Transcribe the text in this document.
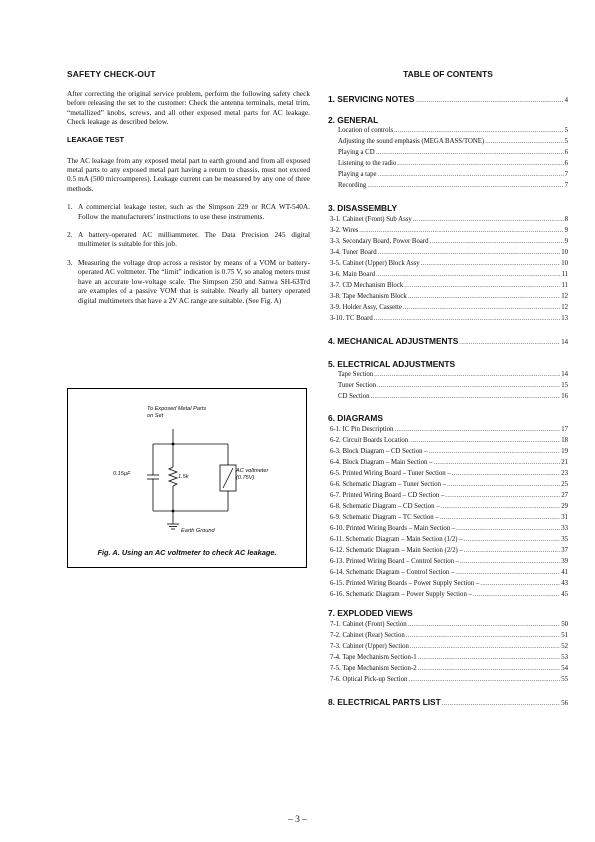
SAFETY CHECK-OUT

After correcting the original service problem, perform the following safety check before releasing the set to the customer: Check the antenna terminals, metal trim, “metallized” knobs, screws, and all other exposed metal parts for AC leakage. Check leakage as described below.

LEAKAGE TEST

The AC leakage from any exposed metal part to earth ground and from all exposed metal parts to any exposed metal part having a return to chassis, must not exceed 0.5 mA (500 microamperes). Leakage current can be measured by any one of three methods.

1. A commercial leakage tester, such as the Simpson 229 or RCA WT-540A. Follow the manufacturers’ instructions to use these instruments.
2. A battery-operated AC milliammeter. The Data Precision 245 digital multimeter is suitable for this job.
3. Measuring the voltage drop across a resistor by means of a VOM or battery-operated AC voltmeter. The “limit” indication is 0.75 V, so analog meters must have an accurate low-voltage scale. The Simpson 250 and Sanwa SH-63Trd are examples of a passive VOM that is suitable. Nearly all battery operated digital multimeters that have a 2V AC range are suitable. (See Fig. A)
To Exposed Metal Parts on Set
0.15µF	1.5k
AC voltmeter (0.75V)
Earth Ground
Fig. A. Using an AC voltmeter to check AC leakage.
TABLE OF CONTENTS
1. SERVICING NOTES .....	4
2. GENERAL
Location of controls .....	5
Adjusting the sound emphasis (MEGA BASS/TONE) .....	5
Playing a CD .....	6
Listening to the radio .....	6
Playing a tape .....	7
Recording .....	7
3. DISASSEMBLY
3-1. Cabinet (Front) Sub Assy .....	8
3-2. Wires .....	9
3-3. Secondary Board, Power Board .....	9
3-4. Tuner Board .....	10
3-5. Cabinet (Upper) Block Assy .....	10
3-6. Main Board .....	11
3-7. CD Mechanism Block .....	11
3-8. Tape Mechanism Block .....	12
3-9. Holder Assy, Cassette .....	12
3-10. TC Board .....	13
4. MECHANICAL ADJUSTMENTS .....	14
5. ELECTRICAL ADJUSTMENTS
Tape Section .....	14
Tuner Section .....	15
CD Section .....	16
6. DIAGRAMS
6-1. IC Pin Description .....	17
6-2. Circuit Boards Location .....	18
6-3. Block Diagram – CD Section – .....	19
6-4. Block Diagram – Main Section – .....	21
6-5. Printed Wiring Board – Tuner Section – .....	23
6-6. Schematic Diagram – Tuner Section – .....	25
6-7. Printed Wiring Board – CD Section – .....	27
6-8. Schematic Diagram – CD Section – .....	29
6-9. Schematic Diagram – TC Section – .....	31
6-10. Printed Wiring Boards – Main Section – .....	33
6-11. Schematic Diagram – Main Section (1/2) – .....	35
6-12. Schematic Diagram – Main Section (2/2) – .....	37
6-13. Printed Wiring Board – Control Section – .....	39
6-14. Schematic Diagram – Control Section – .....	41
6-15. Printed Wiring Boards – Power Supply Section – .....	43
6-16. Schematic Diagram – Power Supply Section – .....	45
7. EXPLODED VIEWS
7-1. Cabinet (Front) Section .....	50
7-2. Cabinet (Rear) Section .....	51
7-3. Cabinet (Upper) Section .....	52
7-4. Tape Mechanism Section-1 .....	53
7-5. Tape Mechanism Section-2 .....	54
7-6. Optical Pick-up Section .....	55
8. ELECTRICAL PARTS LIST .....	56
– 3 –
